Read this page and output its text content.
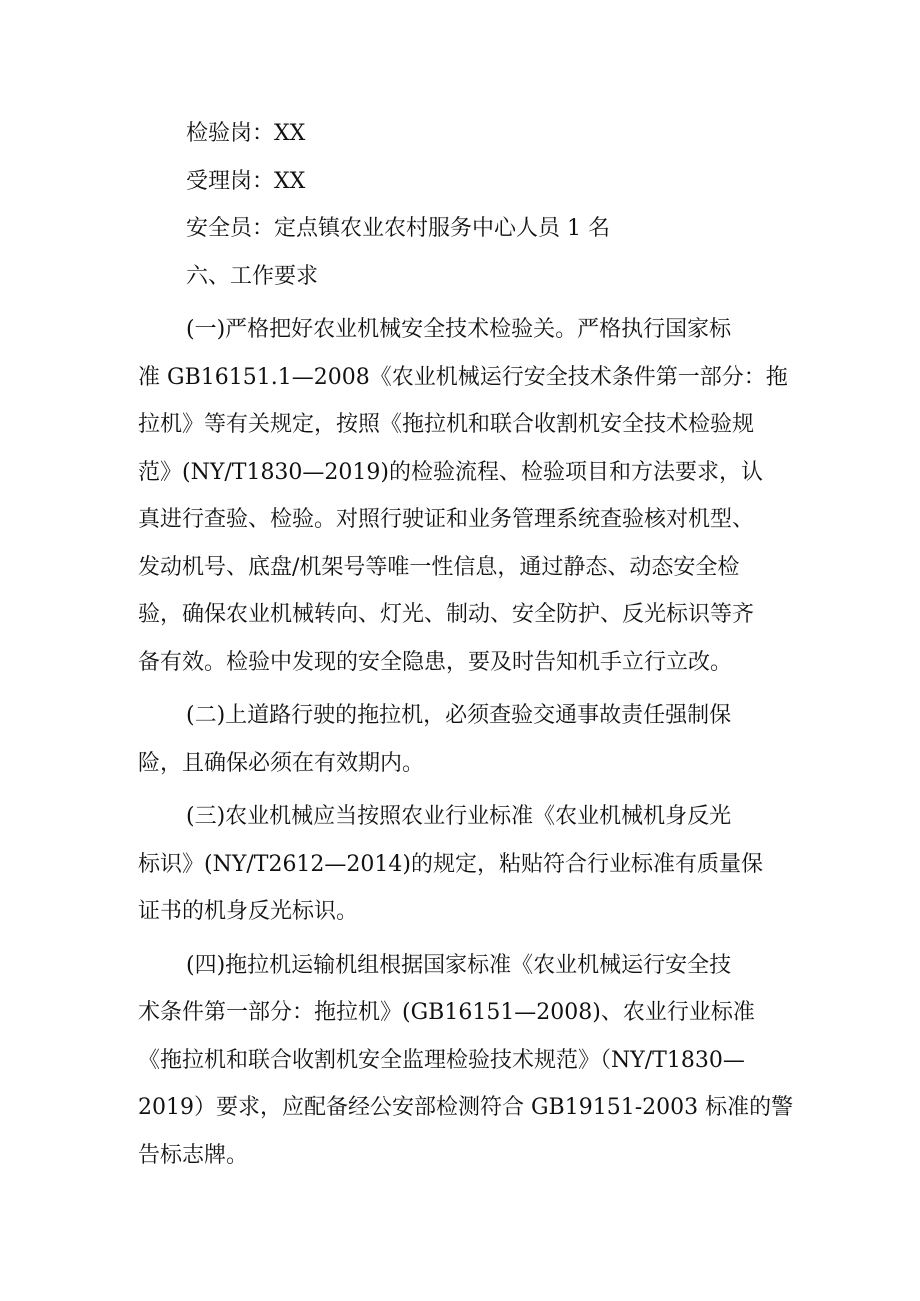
检验岗：XX
受理岗：XX
安全员：定点镇农业农村服务中心人员 1 名
六、工作要求
(一)严格把好农业机械安全技术检验关。严格执行国家标
准 GB16151.1—2008《农业机械运行安全技术条件第一部分：拖
拉机》等有关规定，按照《拖拉机和联合收割机安全技术检验规
范》(NY/T1830—2019)的检验流程、检验项目和方法要求，认
真进行查验、检验。对照行驶证和业务管理系统查验核对机型、
发动机号、底盘/机架号等唯一性信息，通过静态、动态安全检
验，确保农业机械转向、灯光、制动、安全防护、反光标识等齐
备有效。检验中发现的安全隐患，要及时告知机手立行立改。
(二)上道路行驶的拖拉机，必须查验交通事故责任强制保
险，且确保必须在有效期内。
(三)农业机械应当按照农业行业标准《农业机械机身反光
标识》(NY/T2612—2014)的规定，粘贴符合行业标准有质量保
证书的机身反光标识。
(四)拖拉机运输机组根据国家标准《农业机械运行安全技
术条件第一部分：拖拉机》(GB16151—2008)、农业行业标准
《拖拉机和联合收割机安全监理检验技术规范》（NY/T1830—
2019）要求，应配备经公安部检测符合 GB19151-2003 标准的警
告标志牌。
